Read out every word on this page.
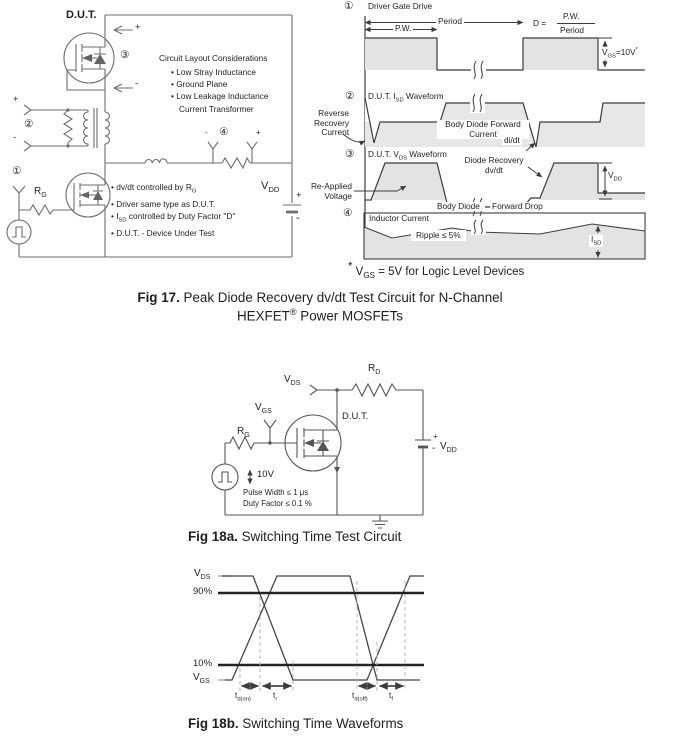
D.U.T.
+
-
③
+
②
-
Circuit Layout Considerations
• Low Stray Inductance
• Ground Plane
• Low Leakage Inductance
Current Transformer
- ④	+
①
$R_G$
• dv/dt controlled by $R_G$
• Driver same type as D.U.T.
• $I_{SD}$ controlled by Duty Factor "D"
• D.U.T. - Device Under Test
$V_{DD}$
+
-
① Driver Gate Drive
P.W.
Period	D =
P.W.
Period
$V_{GS}=10V^*$
② D.U.T. $I_{SD}$ Waveform
Reverse
Recovery
Current
Body Diode Forward
Current
di/dt
③ D.U.T. $V_{DS}$ Waveform
Diode Recovery
dv/dt
Re-Applied
Voltage
Body Diode Forward Drop
$V_{DD}$
④ Inductor Current
Ripple ≤ 5%	$I_{SD}$
* $V_{GS} = 5V$ for Logic Level Devices
Fig 17. Peak Diode Recovery dv/dt Test Circuit for N-Channel
HEXFET® Power MOSFETs
$V_{DS}$
$R_D$
D.U.T.
$V_{GS}$
$R_G$	+
- $V_{DD}$
10V
Pulse Width ≤ 1 μs
Duty Factor ≤ 0.1 %
Fig 18a. Switching Time Test Circuit
$V_{DS}$
90%
10%
$V_{GS}$
$t_{d(on)}$	$t_r$	$t_{d(off)}$	$t_f$
Fig 18b. Switching Time Waveforms
